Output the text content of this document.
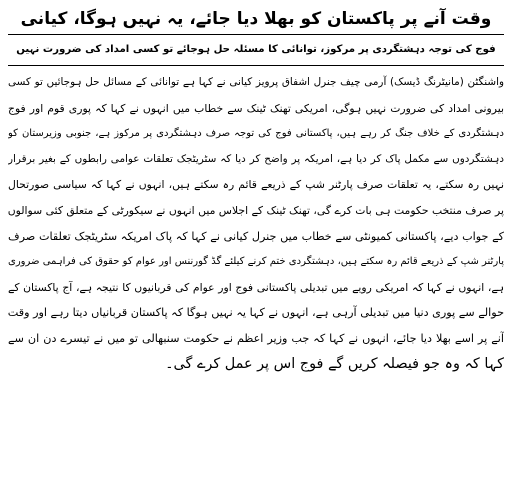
وقت آنے پر پاکستان کو بھلا دیا جائے، یہ نہیں ہوگا، کیانی
فوج کی توجہ دہشتگردی پر مرکوز، توانائی کا مسئلہ حل ہوجائے تو کسی امداد کی ضرورت نہیں
واشنگٹن (مانیٹرنگ ڈیسک) آرمی چیف جنرل اشفاق پرویز کیانی نے کہا ہے توانائی کے مسائل حل ہوجائیں تو کسی
بیرونی امداد کی ضرورت نہیں ہوگی، امریکی تھنک ٹینک سے خطاب میں انہوں نے کہا کہ پوری قوم اور فوج
دہشتگردی کے خلاف جنگ کر رہے ہیں، پاکستانی فوج کی توجہ صرف دہشتگردی پر مرکوز ہے، جنوبی وزیرستان کو
دہشتگردوں سے مکمل پاک کر دیا ہے، امریکہ پر واضح کر دیا کہ سٹریٹجک تعلقات عوامی رابطوں کے بغیر برقرار
نہیں رہ سکتے، یہ تعلقات صرف پارٹنر شپ کے ذریعے قائم رہ سکتے ہیں، انہوں نے کہا کہ سیاسی صورتحال
پر صرف منتخب حکومت ہی بات کرے گی، تھنک ٹینک کے اجلاس میں انہوں نے سیکورٹی کے متعلق کئی سوالوں
کے جواب دیے، پاکستانی کمیونٹی سے خطاب میں جنرل کیانی نے کہا کہ پاک امریکہ سٹریٹجک تعلقات صرف
پارٹنر شپ کے ذریعے قائم رہ سکتے ہیں، دہشتگردی ختم کرنے کیلئے گڈ گورننس اور عوام کو حقوق کی فراہمی ضروری
ہے، انہوں نے کہا کہ امریکی رویے میں تبدیلی پاکستانی فوج اور عوام کی قربانیوں کا نتیجہ ہے، آج پاکستان کے
حوالے سے پوری دنیا میں تبدیلی آرہی ہے، انہوں نے کہا یہ نہیں ہوگا کہ پاکستان قربانیاں دیتا رہے اور وقت
آنے پر اسے بھلا دیا جائے، انہوں نے کہا کہ جب وزیر اعظم نے حکومت سنبھالی تو میں نے تیسرے دن ان سے
کہا کہ وہ جو فیصلہ کریں گے فوج اس پر عمل کرے گی۔
